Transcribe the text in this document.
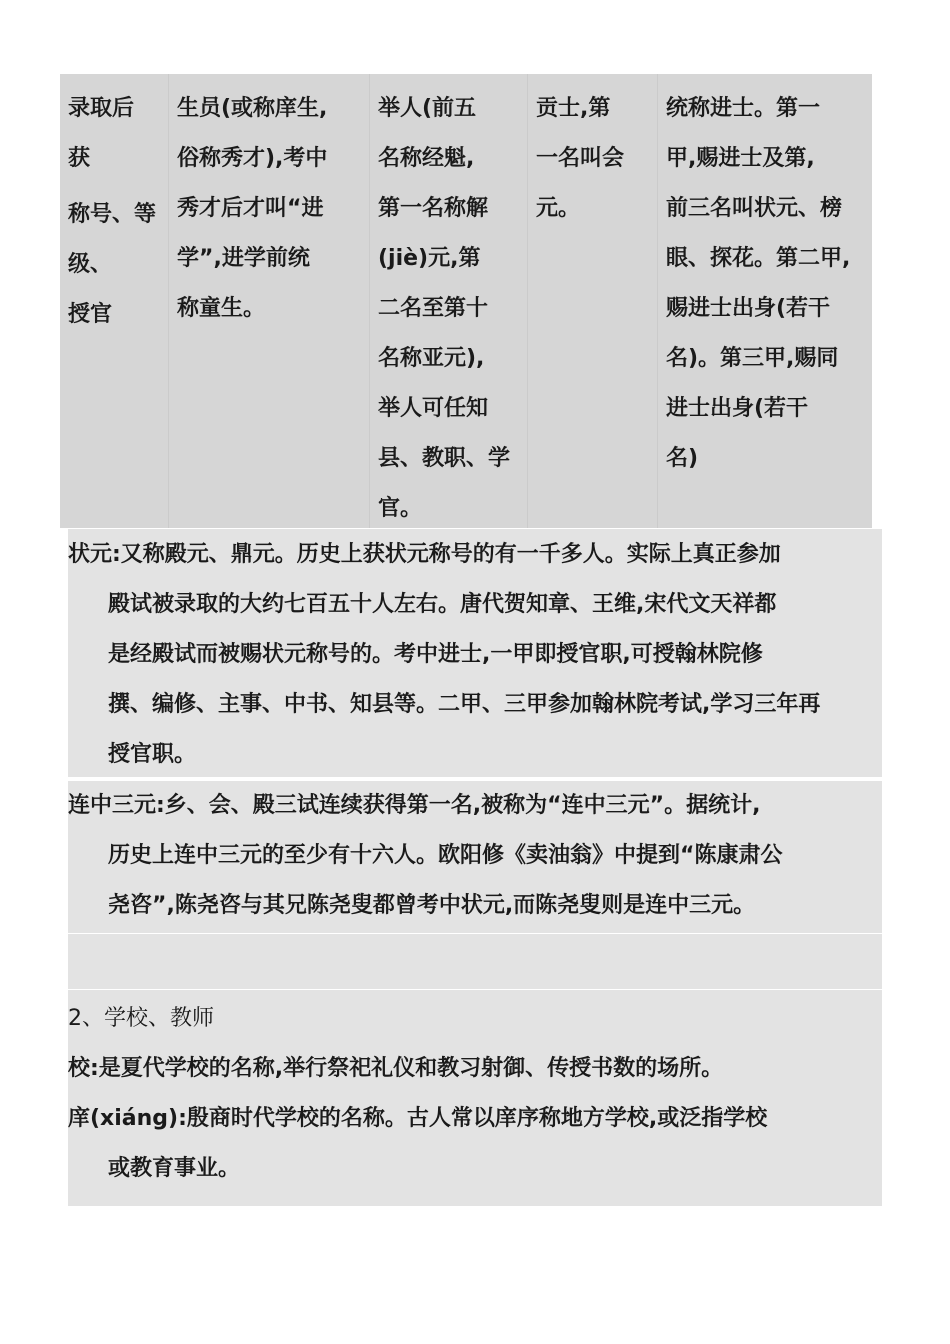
录取后
获
称号、等
级、
授官
生员(或称庠生,
俗称秀才),考中
秀才后才叫“进
学”,进学前统
称童生。
举人(前五
名称经魁,
第一名称解
(jiè)元,第
二名至第十
名称亚元),
举人可任知
县、教职、学
官。
贡士,第
一名叫会
元。
统称进士。第一
甲,赐进士及第,
前三名叫状元、榜
眼、探花。第二甲,
赐进士出身(若干
名)。第三甲,赐同
进士出身(若干
名)
状元:又称殿元、鼎元。历史上获状元称号的有一千多人。实际上真正参加
殿试被录取的大约七百五十人左右。唐代贺知章、王维,宋代文天祥都
是经殿试而被赐状元称号的。考中进士,一甲即授官职,可授翰林院修
撰、编修、主事、中书、知县等。二甲、三甲参加翰林院考试,学习三年再
授官职。
连中三元:乡、会、殿三试连续获得第一名,被称为“连中三元”。据统计,
历史上连中三元的至少有十六人。欧阳修《卖油翁》中提到“陈康肃公
尧咨”,陈尧咨与其兄陈尧叟都曾考中状元,而陈尧叟则是连中三元。
2、学校、教师
校:是夏代学校的名称,举行祭祀礼仪和教习射御、传授书数的场所。
庠(xiáng):殷商时代学校的名称。古人常以庠序称地方学校,或泛指学校
或教育事业。
